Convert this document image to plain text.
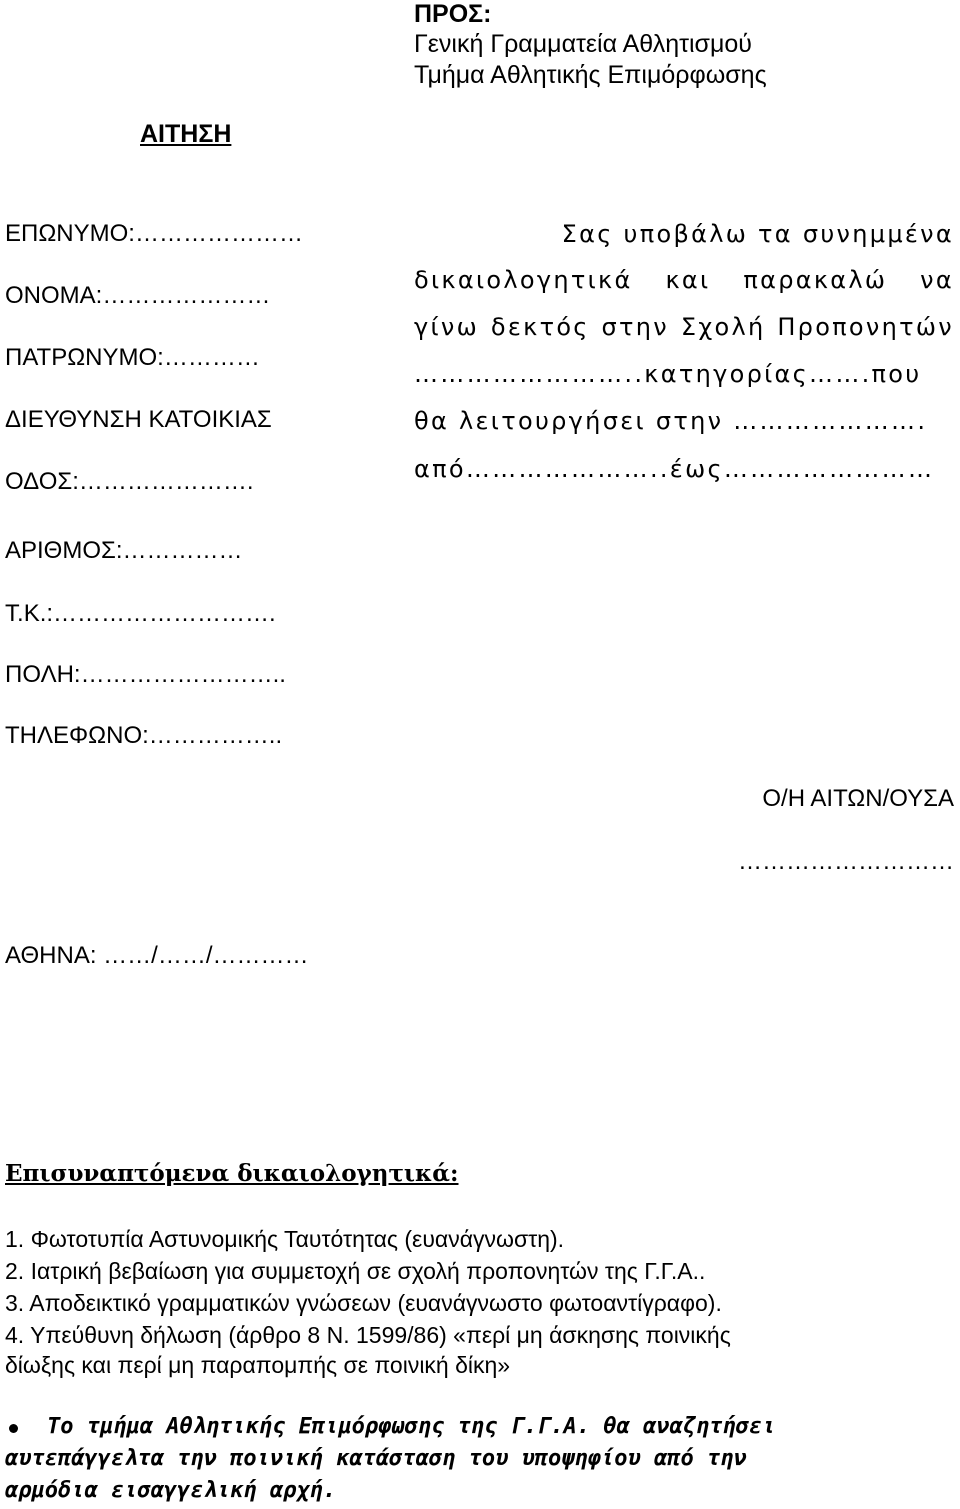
ΠΡΟΣ:
Γενική Γραμματεία Αθλητισμού
Τμήμα Αθλητικής Επιμόρφωσης
ΑΙΤΗΣΗ
ΕΠΩΝΥΜΟ:…………………
ΟΝΟΜΑ:…………………
ΠΑΤΡΩΝΥΜΟ:…………
ΔΙΕΥΘΥΝΣΗ ΚΑΤΟΙΚΙΑΣ
ΟΔΟΣ:………………….
ΑΡΙΘΜΟΣ:……………
Τ.Κ.:……………………….
ΠΟΛΗ:……………………..
ΤΗΛΕΦΩΝΟ:……………..
Σας υποβάλω τα συνημμένα
δικαιολογητικά και παρακαλώ να
γίνω δεκτός στην Σχολή Προπονητών
……………………..κατηγορίας…….που
θα λειτουργήσει στην ………………….
από…………………..έως……………………
Ο/Η ΑΙΤΩΝ/ΟΥΣΑ
………………………
ΑΘΗΝΑ: ……/……/…………
Επισυναπτόμενα δικαιολογητικά:
1. Φωτοτυπία Αστυνομικής Ταυτότητας (ευανάγνωστη).
2. Ιατρική βεβαίωση για συμμετοχή σε σχολή προπονητών της Γ.Γ.Α..
3. Αποδεικτικό γραμματικών γνώσεων (ευανάγνωστο φωτοαντίγραφο).
4. Υπεύθυνη δήλωση (άρθρο 8 Ν. 1599/86) «περί μη άσκησης ποινικής
δίωξης και περί μη παραπομπής σε ποινική δίκη»
Το τμήμα Αθλητικής Επιμόρφωσης της Γ.Γ.Α. θα αναζητήσει
αυτεπάγγελτα την ποινική κατάσταση του υποψηφίου από την
αρμόδια εισαγγελική αρχή.
